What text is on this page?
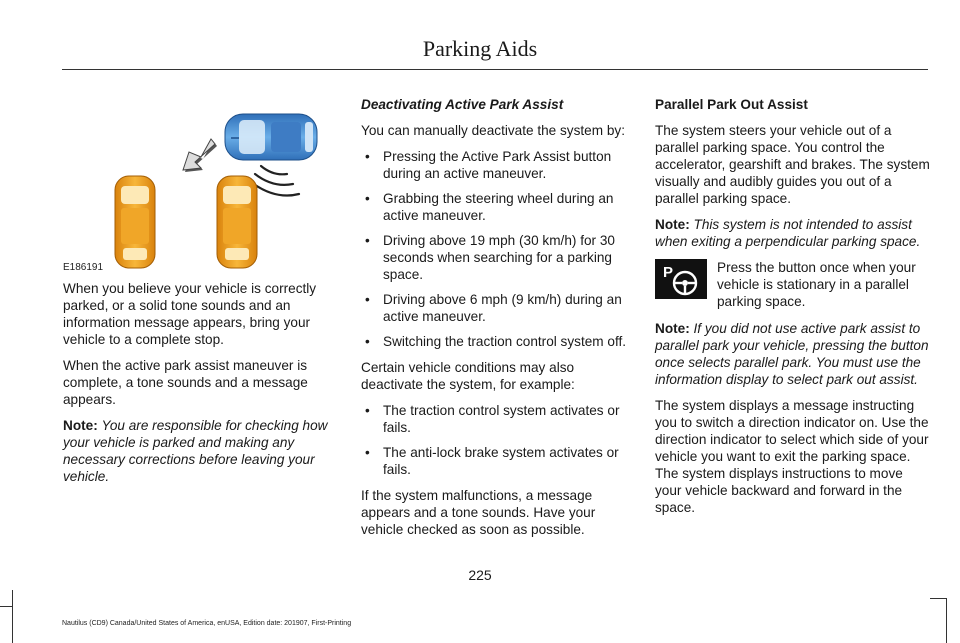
Parking Aids
E186191

When you believe your vehicle is correctly parked, or a solid tone sounds and an information message appears, bring your vehicle to a complete stop.

When the active park assist maneuver is complete, a tone sounds and a message appears.

Note: You are responsible for checking how your vehicle is parked and making any necessary corrections before leaving your vehicle.

Deactivating Active Park Assist

You can manually deactivate the system by:

• Pressing the Active Park Assist button during an active maneuver.
• Grabbing the steering wheel during an active maneuver.
• Driving above 19 mph (30 km/h) for 30 seconds when searching for a parking space.
• Driving above 6 mph (9 km/h) during an active maneuver.
• Switching the traction control system off.

Certain vehicle conditions may also deactivate the system, for example:

• The traction control system activates or fails.
• The anti-lock brake system activates or fails.

If the system malfunctions, a message appears and a tone sounds. Have your vehicle checked as soon as possible.

Parallel Park Out Assist

The system steers your vehicle out of a parallel parking space. You control the accelerator, gearshift and brakes. The system visually and audibly guides you out of a parallel parking space.

Note: This system is not intended to assist when exiting a perpendicular parking space.

P	Press the button once when your vehicle is stationary in a parallel parking space.

Note: If you did not use active park assist to parallel park your vehicle, pressing the button once selects parallel park. You must use the information display to select park out assist.

The system displays a message instructing you to switch a direction indicator on. Use the direction indicator to select which side of your vehicle you want to exit the parking space. The system displays instructions to move your vehicle backward and forward in the space.

225
Nautilus (CD9) Canada/United States of America, enUSA, Edition date: 201907, First-Printing
